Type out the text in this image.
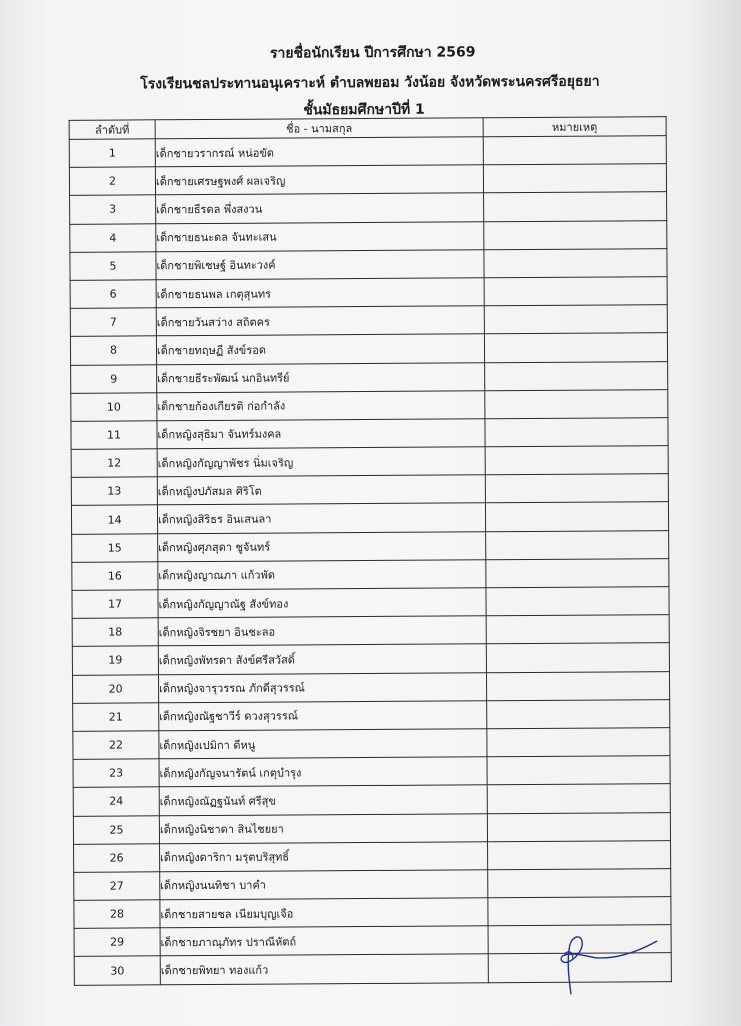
รายชื่อนักเรียน ปีการศึกษา 2569
โรงเรียนชลประทานอนุเคราะห์ ตำบลพยอม วังน้อย จังหวัดพระนครศรีอยุธยา
ชั้นมัธยมศึกษาปีที่ 1
ลำดับที่	ชื่อ - นามสกุล	หมายเหตุ
1	เด็กชายวรากรณ์ หน่อขัด	
2	เด็กชายเศรษฐพงศ์ ผลเจริญ	
3	เด็กชายธีรดล พึ่งสงวน	
4	เด็กชายธนะดล จันทะเสน	
5	เด็กชายพิเชษฐ์ อินทะวงค์	
6	เด็กชายธนพล เกตุสุนทร	
7	เด็กชายวันสว่าง สถิตคร	
8	เด็กชายทฤษฏี สังข์รอด	
9	เด็กชายธีระพัฒน์ นกอินทรีย์	
10	เด็กชายก้องเกียรติ ก่อกำลัง	
11	เด็กหญิงสุธิมา จันทร์มงคล	
12	เด็กหญิงกัญญาพัชร นิ่มเจริญ	
13	เด็กหญิงปภัสมล ศิริโต	
14	เด็กหญิงสิริธร อินเสนลา	
15	เด็กหญิงศุภสุดา ชูจันทร์	
16	เด็กหญิงญาณภา แก้วพัด	
17	เด็กหญิงกัญญาณัฐ สังข์ทอง	
18	เด็กหญิงจิรชยา อินชะลอ	
19	เด็กหญิงพัทรดา สังข์ศรีสวัสดิ์	
20	เด็กหญิงจารุวรรณ ภักดีสุวรรณ์	
21	เด็กหญิงณัฐชาวีร์ ดวงสุวรรณ์	
22	เด็กหญิงเปมิกา ดีหนู	
23	เด็กหญิงกัญจนารัตน์ เกตุบำรุง	
24	เด็กหญิงณัฏฐนันท์ ศรีสุข	
25	เด็กหญิงนิชาดา สินไชยยา	
26	เด็กหญิงดาริกา มรุตบริสุทธิ์	
27	เด็กหญิงนนทิชา บาคำ	
28	เด็กชายสายชล เนียมบุญเจือ	
29	เด็กชายภาณุภัทร ปราณีหัตถ์	
30	เด็กชายพิทยา ทองแก้ว	
